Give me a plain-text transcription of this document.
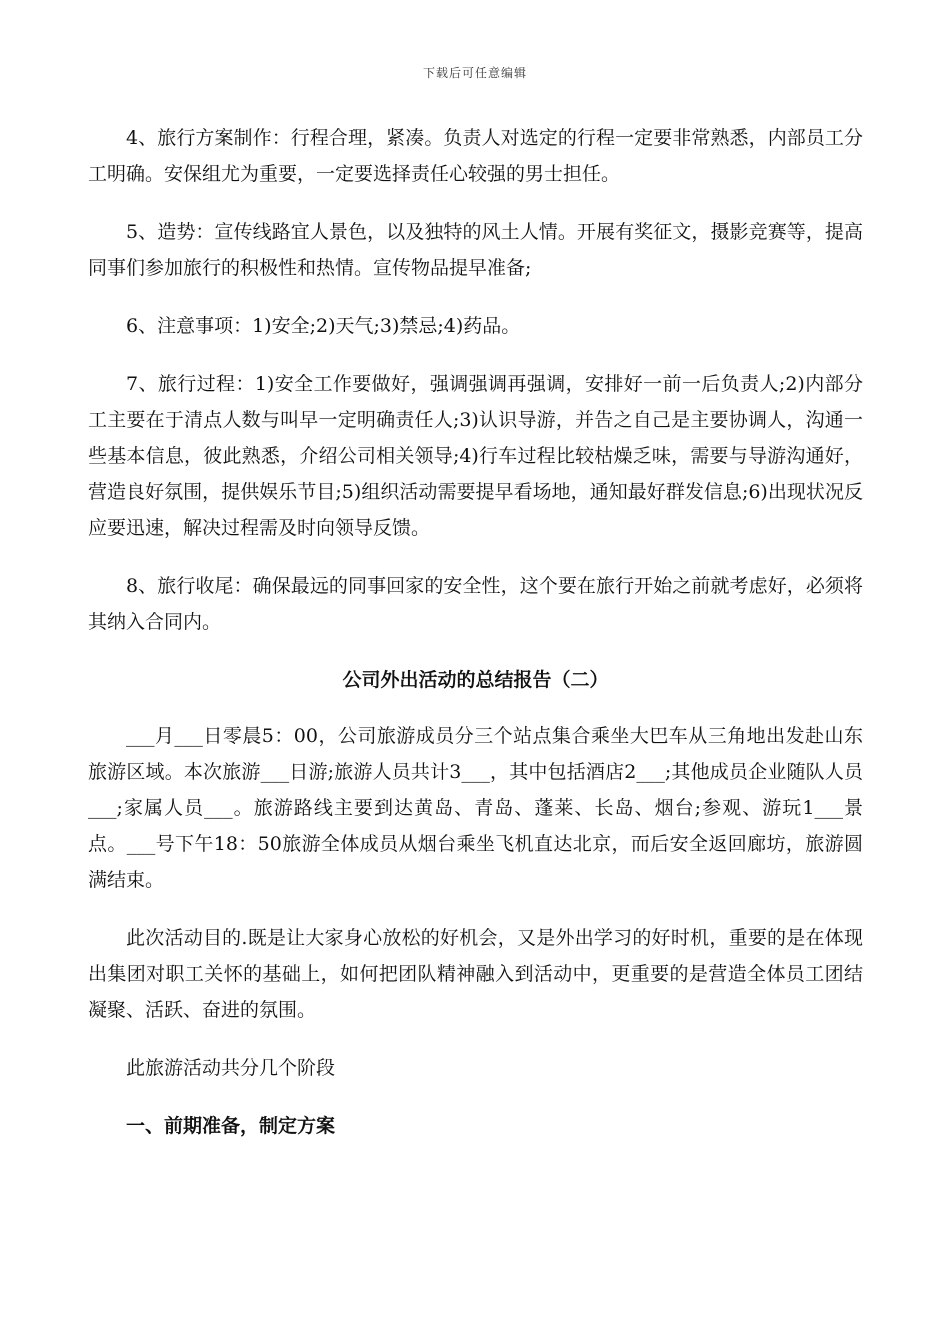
下载后可任意编辑

4、旅行方案制作：行程合理，紧凑。负责人对选定的行程一定要非常熟悉，内部员工分工明确。安保组尤为重要，一定要选择责任心较强的男士担任。

5、造势：宣传线路宜人景色，以及独特的风土人情。开展有奖征文，摄影竞赛等，提高同事们参加旅行的积极性和热情。宣传物品提早准备;

6、注意事项：1)安全;2)天气;3)禁忌;4)药品。

7、旅行过程：1)安全工作要做好，强调强调再强调，安排好一前一后负责人;2)内部分工主要在于清点人数与叫早一定明确责任人;3)认识导游，并告之自己是主要协调人，沟通一些基本信息，彼此熟悉，介绍公司相关领导;4)行车过程比较枯燥乏味，需要与导游沟通好，营造良好氛围，提供娱乐节目;5)组织活动需要提早看场地，通知最好群发信息;6)出现状况反应要迅速，解决过程需及时向领导反馈。

8、旅行收尾：确保最远的同事回家的安全性，这个要在旅行开始之前就考虑好，必须将其纳入合同内。

公司外出活动的总结报告（二）

___月___日零晨5：00，公司旅游成员分三个站点集合乘坐大巴车从三角地出发赴山东旅游区域。本次旅游___日游;旅游人员共计3___，其中包括酒店2___;其他成员企业随队人员___;家属人员___。旅游路线主要到达黄岛、青岛、蓬莱、长岛、烟台;参观、游玩1___景点。___号下午18：50旅游全体成员从烟台乘坐飞机直达北京，而后安全返回廊坊，旅游圆满结束。

此次活动目的.既是让大家身心放松的好机会，又是外出学习的好时机，重要的是在体现出集团对职工关怀的基础上，如何把团队精神融入到活动中，更重要的是营造全体员工团结凝聚、活跃、奋进的氛围。

此旅游活动共分几个阶段

一、前期准备，制定方案
